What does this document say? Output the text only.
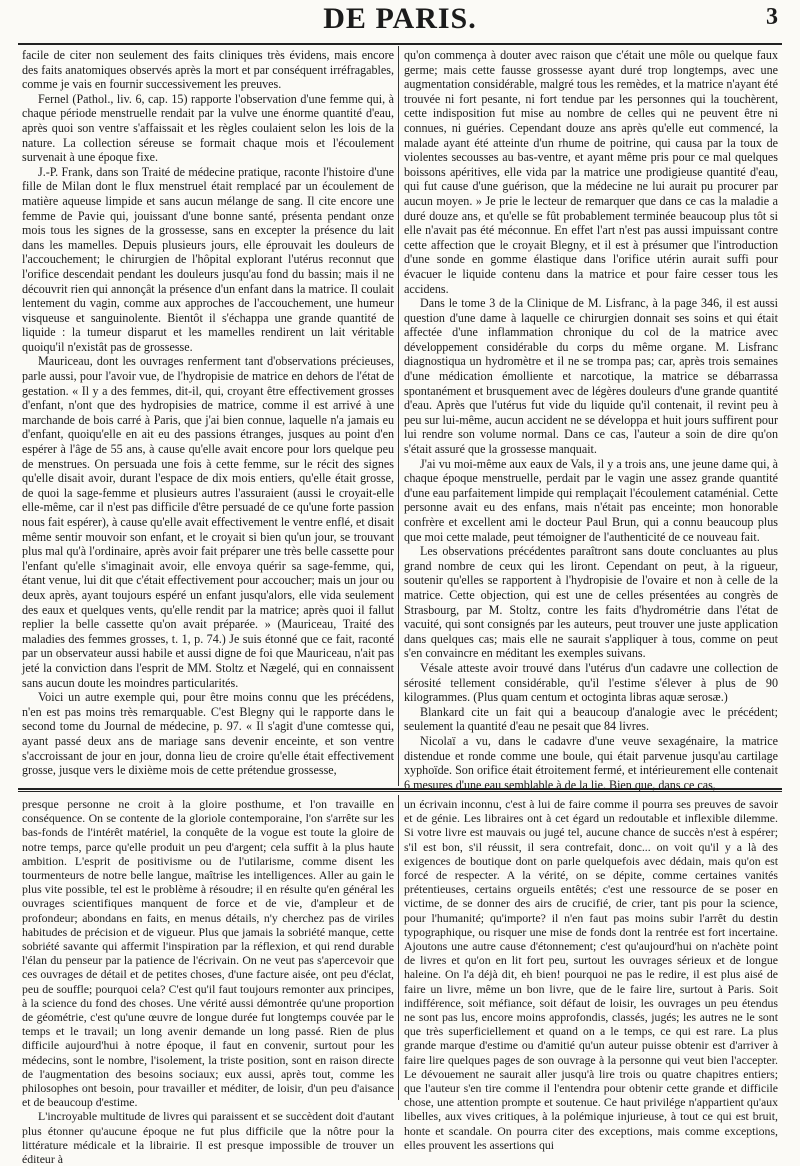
DE PARIS.	3

facile de citer non seulement des faits cliniques très évidens, mais encore des faits anatomiques observés après la mort et par conséquent irréfragables, comme je vais en fournir successivement les preuves.

Fernel (Pathol., liv. 6, cap. 15) rapporte l'observation d'une femme qui, à chaque période menstruelle rendait par la vulve une énorme quantité d'eau, après quoi son ventre s'affaissait et les règles coulaient selon les lois de la nature. La collection séreuse se formait chaque mois et l'écoulement survenait à une époque fixe.

J.-P. Frank, dans son Traité de médecine pratique, raconte l'histoire d'une fille de Milan dont le flux menstruel était remplacé par un écoulement de matière aqueuse limpide et sans aucun mélange de sang. Il cite encore une femme de Pavie qui, jouissant d'une bonne santé, présenta pendant onze mois tous les signes de la grossesse, sans en excepter la présence du lait dans les mamelles. Depuis plusieurs jours, elle éprouvait les douleurs de l'accouchement; le chirurgien de l'hôpital explorant l'utérus reconnut que l'orifice descendait pendant les douleurs jusqu'au fond du bassin; mais il ne découvrit rien qui annonçât la présence d'un enfant dans la matrice. Il coulait lentement du vagin, comme aux approches de l'accouchement, une humeur visqueuse et sanguinolente. Bientôt il s'échappa une grande quantité de liquide : la tumeur disparut et les mamelles rendirent un lait véritable quoiqu'il n'existât pas de grossesse.

Mauriceau, dont les ouvrages renferment tant d'observations précieuses, parle aussi, pour l'avoir vue, de l'hydropisie de matrice en dehors de l'état de gestation. « Il y a des femmes, dit-il, qui, croyant être effectivement grosses d'enfant, n'ont que des hydropisies de matrice, comme il est arrivé à une marchande de bois carré à Paris, que j'ai bien connue, laquelle n'a jamais eu d'enfant, quoiqu'elle en ait eu des passions étranges, jusques au point d'en espérer à l'âge de 55 ans, à cause qu'elle avait encore pour lors quelque peu de menstrues. On persuada une fois à cette femme, sur le récit des signes qu'elle disait avoir, durant l'espace de dix mois entiers, qu'elle était grosse, de quoi la sage-femme et plusieurs autres l'assuraient (aussi le croyait-elle elle-même, car il n'est pas difficile d'être persuadé de ce qu'une forte passion nous fait espérer), à cause qu'elle avait effectivement le ventre enflé, et disait même sentir mouvoir son enfant, et le croyait si bien qu'un jour, se trouvant plus mal qu'à l'ordinaire, après avoir fait préparer une très belle cassette pour l'enfant qu'elle s'imaginait avoir, elle envoya quérir sa sage-femme, qui, étant venue, lui dit que c'était effectivement pour accoucher; mais un jour ou deux après, ayant toujours espéré un enfant jusqu'alors, elle vida seulement des eaux et quelques vents, qu'elle rendit par la matrice; après quoi il fallut replier la belle cassette qu'on avait préparée. » (Mauriceau, Traité des maladies des femmes grosses, t. 1, p. 74.) Je suis étonné que ce fait, raconté par un observateur aussi habile et aussi digne de foi que Mauriceau, n'ait pas jeté la conviction dans l'esprit de MM. Stoltz et Nægelé, qui en connaissent sans aucun doute les moindres particularités.

Voici un autre exemple qui, pour être moins connu que les précédens, n'en est pas moins très remarquable. C'est Blegny qui le rapporte dans le second tome du Journal de médecine, p. 97. « Il s'agit d'une comtesse qui, ayant passé deux ans de mariage sans devenir enceinte, et son ventre s'accroissant de jour en jour, donna lieu de croire qu'elle était effectivement grosse, jusque vers le dixième mois de cette prétendue grossesse,

qu'on commença à douter avec raison que c'était une môle ou quelque faux germe; mais cette fausse grossesse ayant duré trop longtemps, avec une augmentation considérable, malgré tous les remèdes, et la matrice n'ayant été trouvée ni fort pesante, ni fort tendue par les personnes qui la touchèrent, cette indisposition fut mise au nombre de celles qui ne peuvent être ni connues, ni guéries. Cependant douze ans après qu'elle eut commencé, la malade ayant été atteinte d'un rhume de poitrine, qui causa par la toux de violentes secousses au bas-ventre, et ayant même pris pour ce mal quelques boissons apéritives, elle vida par la matrice une prodigieuse quantité d'eau, qui fut cause d'une guérison, que la médecine ne lui aurait pu procurer par aucun moyen. » Je prie le lecteur de remarquer que dans ce cas la maladie a duré douze ans, et qu'elle se fût probablement terminée beaucoup plus tôt si elle n'avait pas été méconnue. En effet l'art n'est pas aussi impuissant contre cette affection que le croyait Blegny, et il est à présumer que l'introduction d'une sonde en gomme élastique dans l'orifice utérin aurait suffi pour évacuer le liquide contenu dans la matrice et pour faire cesser tous les accidens.

Dans le tome 3 de la Clinique de M. Lisfranc, à la page 346, il est aussi question d'une dame à laquelle ce chirurgien donnait ses soins et qui était affectée d'une inflammation chronique du col de la matrice avec développement considérable du corps du même organe. M. Lisfranc diagnostiqua un hydromètre et il ne se trompa pas; car, après trois semaines d'une médication émolliente et narcotique, la matrice se débarrassa spontanément et brusquement avec de légères douleurs d'une grande quantité d'eau. Après que l'utérus fut vide du liquide qu'il contenait, il revint peu à peu sur lui-même, aucun accident ne se développa et huit jours suffirent pour lui rendre son volume normal. Dans ce cas, l'auteur a soin de dire qu'on s'était assuré que la grossesse manquait.

J'ai vu moi-même aux eaux de Vals, il y a trois ans, une jeune dame qui, à chaque époque menstruelle, perdait par le vagin une assez grande quantité d'une eau parfaitement limpide qui remplaçait l'écoulement cataménial. Cette personne avait eu des enfans, mais n'était pas enceinte; mon honorable confrère et excellent ami le docteur Paul Brun, qui a connu beaucoup plus que moi cette malade, peut témoigner de l'authenticité de ce nouveau fait.

Les observations précédentes paraîtront sans doute concluantes au plus grand nombre de ceux qui les liront. Cependant on peut, à la rigueur, soutenir qu'elles se rapportent à l'hydropisie de l'ovaire et non à celle de la matrice. Cette objection, qui est une de celles présentées au congrès de Strasbourg, par M. Stoltz, contre les faits d'hydrométrie dans l'état de vacuité, qui sont consignés par les auteurs, peut trouver une juste application dans quelques cas; mais elle ne saurait s'appliquer à tous, comme on peut s'en convaincre en méditant les exemples suivans.

Vésale atteste avoir trouvé dans l'utérus d'un cadavre une collection de sérosité tellement considérable, qu'il l'estime s'élever à plus de 90 kilogrammes. (Plus quam centum et octoginta libras aquæ serosæ.)

Blankard cite un fait qui a beaucoup d'analogie avec le précédent; seulement la quantité d'eau ne pesait que 84 livres.

Nicolaï a vu, dans le cadavre d'une veuve sexagénaire, la matrice distendue et ronde comme une boule, qui était parvenue jusqu'au cartilage xyphoïde. Son orifice était étroitement fermé, et intérieurement elle contenait 6 mesures d'une eau semblable à de la lie. Bien que, dans ce cas,

presque personne ne croit à la gloire posthume, et l'on travaille en conséquence. On se contente de la gloriole contemporaine, l'on s'arrête sur les bas-fonds de l'intérêt matériel, la conquête de la vogue est toute la gloire de notre temps, parce qu'elle produit un peu d'argent; cela suffit à la plus haute ambition. L'esprit de positivisme ou de l'utilarisme, comme disent les tourmenteurs de notre belle langue, maîtrise les intelligences. Aller au gain le plus vite possible, tel est le problème à résoudre; il en résulte qu'en général les ouvrages scientifiques manquent de force et de vie, d'ampleur et de profondeur; abondans en faits, en menus détails, n'y cherchez pas de viriles habitudes de précision et de vigueur. Plus que jamais la sobriété manque, cette sobriété savante qui affermit l'inspiration par la réflexion, et qui rend durable l'élan du penseur par la patience de l'écrivain. On ne veut pas s'apercevoir que ces ouvrages de détail et de petites choses, d'une facture aisée, ont peu d'éclat, peu de souffle; pourquoi cela? C'est qu'il faut toujours remonter aux principes, à la science du fond des choses. Une vérité aussi démontrée qu'une proportion de géométrie, c'est qu'une œuvre de longue durée fut longtemps couvée par le temps et le travail; un long avenir demande un long passé. Rien de plus difficile aujourd'hui à notre époque, il faut en convenir, surtout pour les médecins, sont le nombre, l'isolement, la triste position, sont en raison directe de l'augmentation des besoins sociaux; eux aussi, après tout, comme les philosophes ont besoin, pour travailler et méditer, de loisir, d'un peu d'aisance et de beaucoup d'estime.

L'incroyable multitude de livres qui paraissent et se succèdent doit d'autant plus étonner qu'aucune époque ne fut plus difficile que la nôtre pour la littérature médicale et la librairie. Il est presque impossible de trouver un éditeur à

un écrivain inconnu, c'est à lui de faire comme il pourra ses preuves de savoir et de génie. Les libraires ont à cet égard un redoutable et inflexible dilemme. Si votre livre est mauvais ou jugé tel, aucune chance de succès n'est à espérer; s'il est bon, s'il réussit, il sera contrefait, donc... on voit qu'il y a là des exigences de boutique dont on parle quelquefois avec dédain, mais qu'on est forcé de respecter. A la vérité, on se dépite, comme certaines vanités prétentieuses, certains orgueils entêtés; c'est une ressource de se poser en victime, de se donner des airs de crucifié, de crier, tant pis pour la science, pour l'humanité; qu'importe? il n'en faut pas moins subir l'arrêt du destin typographique, ou risquer une mise de fonds dont la rentrée est fort incertaine. Ajoutons une autre cause d'étonnement; c'est qu'aujourd'hui on n'achète point de livres et qu'on en lit fort peu, surtout les ouvrages sérieux et de longue haleine. On l'a déjà dit, eh bien! pourquoi ne pas le redire, il est plus aisé de faire un livre, même un bon livre, que de le faire lire, surtout à Paris. Soit indifférence, soit méfiance, soit défaut de loisir, les ouvrages un peu étendus ne sont pas lus, encore moins approfondis, classés, jugés; les autres ne le sont que très superficiellement et quand on a le temps, ce qui est rare. La plus grande marque d'estime ou d'amitié qu'un auteur puisse obtenir est d'arriver à faire lire quelques pages de son ouvrage à la personne qui veut bien l'accepter. Le dévouement ne saurait aller jusqu'à lire trois ou quatre chapitres entiers; que l'auteur s'en tire comme il l'entendra pour obtenir cette grande et difficile chose, une attention prompte et soutenue. Ce haut privilége n'appartient qu'aux libelles, aux vives critiques, à la polémique injurieuse, à tout ce qui est bruit, honte et scandale. On pourra citer des exceptions, mais comme exceptions, elles prouvent les assertions qui
